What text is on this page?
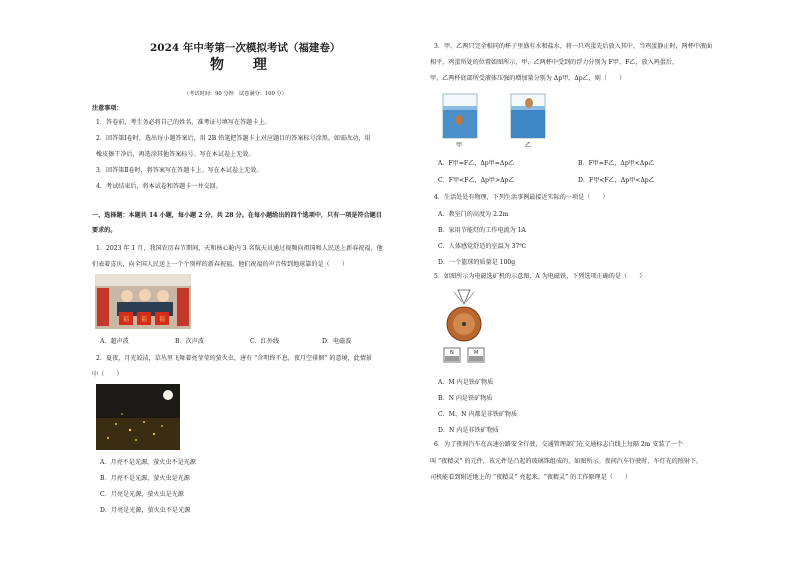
2024 年中考第一次模拟考试（福建卷）
物 理
（考试时间：90 分钟　试卷满分：100 分）
注意事项：
1．答卷前，考生务必将自己的姓名、准考证号填写在答题卡上。
2．回答第Ⅰ卷时，选出每小题答案后，用 2B 铅笔把答题卡上对应题目的答案标号涂黑。如需改动，用
橡皮擦干净后，再选涂其他答案标号。写在本试卷上无效。
3．回答第Ⅱ卷时，将答案写在答题卡上。写在本试卷上无效。
4．考试结束后，将本试卷和答题卡一并交回。
一、选择题：本题共 14 小题，每小题 2 分，共 28 分。在每小题给出的四个选项中，只有一项是符合题目
要求的。
1．2023 年 1 月，我国农历春节期间，天和核心舱内 3 名航天员通过视频向祖国和人民送上新春祝福，他
们表着喜庆，向全国人民送上一个个别样的新春祝福。他们祝福的声音传到地球靠的是（　　）
福 福 福
A．超声波	B．次声波	C．红外线	D．电磁波
2．夏夜，月光皎洁，草丛里飞舞着亮莹莹的萤火虫，唐有 “含明终不息，夜月空徘徊” 的意境，此情景
中（　　）
A．月亮不是光源，萤火虫不是光源
B．月亮不是光源，萤火虫是光源
C．月亮是光源，萤火虫是光源
D．月亮是光源，萤火虫不是光源
3．甲、乙两只完全相同的杯子里盛有水和盐水，将一只鸡蛋先后放入其中，当鸡蛋静止时，两杯中液面
相平，鸡蛋所处的位置如图所示，甲、乙两杯中受到的浮力分别为 F甲、F乙，放入鸡蛋后，
甲、乙两杯底部所受液体压强的增加量分别为 Δp甲、Δp乙，则（　　）
甲	乙
A．F甲=F乙，Δp甲=Δp乙	B．F甲=F乙，Δp甲<Δp乙
C．F甲<F乙，Δp甲>Δp乙	D．F甲<F乙，Δp甲<Δp乙
4．生活处处有物理，下列生活事例最接近实际的一项是（　　）
A．教室门的高度为 2.2m
B．家用节能灯的工作电流为 1A
C．人体感觉舒适的室温为 37℃
D．一个篮球的质量是 100g
5．如图所示为电磁选矿机的示意图，A 为电磁铁，下列选项正确的是（　　）
N	M
A．M 内是铁矿物质
B．N 内是铁矿物质
C．M、N 内都是非铁矿物质
D．N 内是非铁矿物质
6．为了夜间汽车在高速公路安全行驶，交通管理部门在交通标志白线上每隔 2m 安装了一个
叫 “夜精灵” 的元件，该元件是凸起的玻璃珠组成的，如图所示。夜间汽车行驶时，车灯光的照射下，
司机能看到附近地上的 “夜精灵” 亮起来。“夜精灵” 的工作原理是（　　）
